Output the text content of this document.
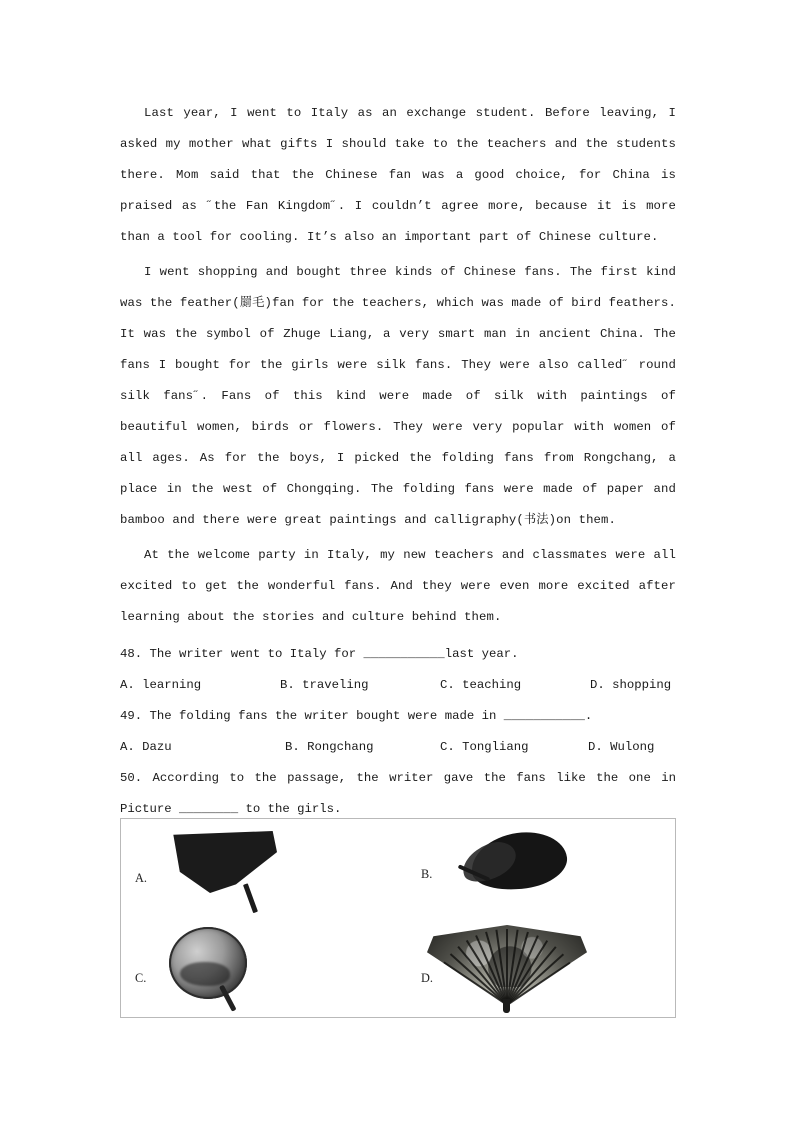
Last year, I went to Italy as an exchange student. Before leaving, I asked my mother what gifts I should take to the teachers and the students there. Mom said that the Chinese fan was a good choice, for China is praised as ˝the Fan Kingdom˝. I couldn’t agree more, because it is more than a tool for cooling. It’s also an important part of Chinese culture.

I went shopping and bought three kinds of Chinese fans. The first kind was the feather(罽毛)fan for the teachers, which was made of bird feathers. It was the symbol of Zhuge Liang, a very smart man in ancient China. The fans I bought for the girls were silk fans. They were also called˝ round silk fans˝. Fans of this kind were made of silk with paintings of beautiful women, birds or flowers. They were very popular with women of all ages. As for the boys, I picked the folding fans from Rongchang, a place in the west of Chongqing. The folding fans were made of paper and bamboo and there were great paintings and calligraphy(书法)on them.

At the welcome party in Italy, my new teachers and classmates were all excited to get the wonderful fans. And they were even more excited after learning about the stories and culture behind them.

48. The writer went to Italy for ___________last year.
A. learning	B. traveling	C. teaching	D. shopping
49. The folding fans the writer bought were made in ___________.
A. Dazu	B. Rongchang	C. Tongliang	D. Wulong
50. According to the passage, the writer gave the fans like the one in Picture ________ to the girls.
A.	B.
C.	D.
